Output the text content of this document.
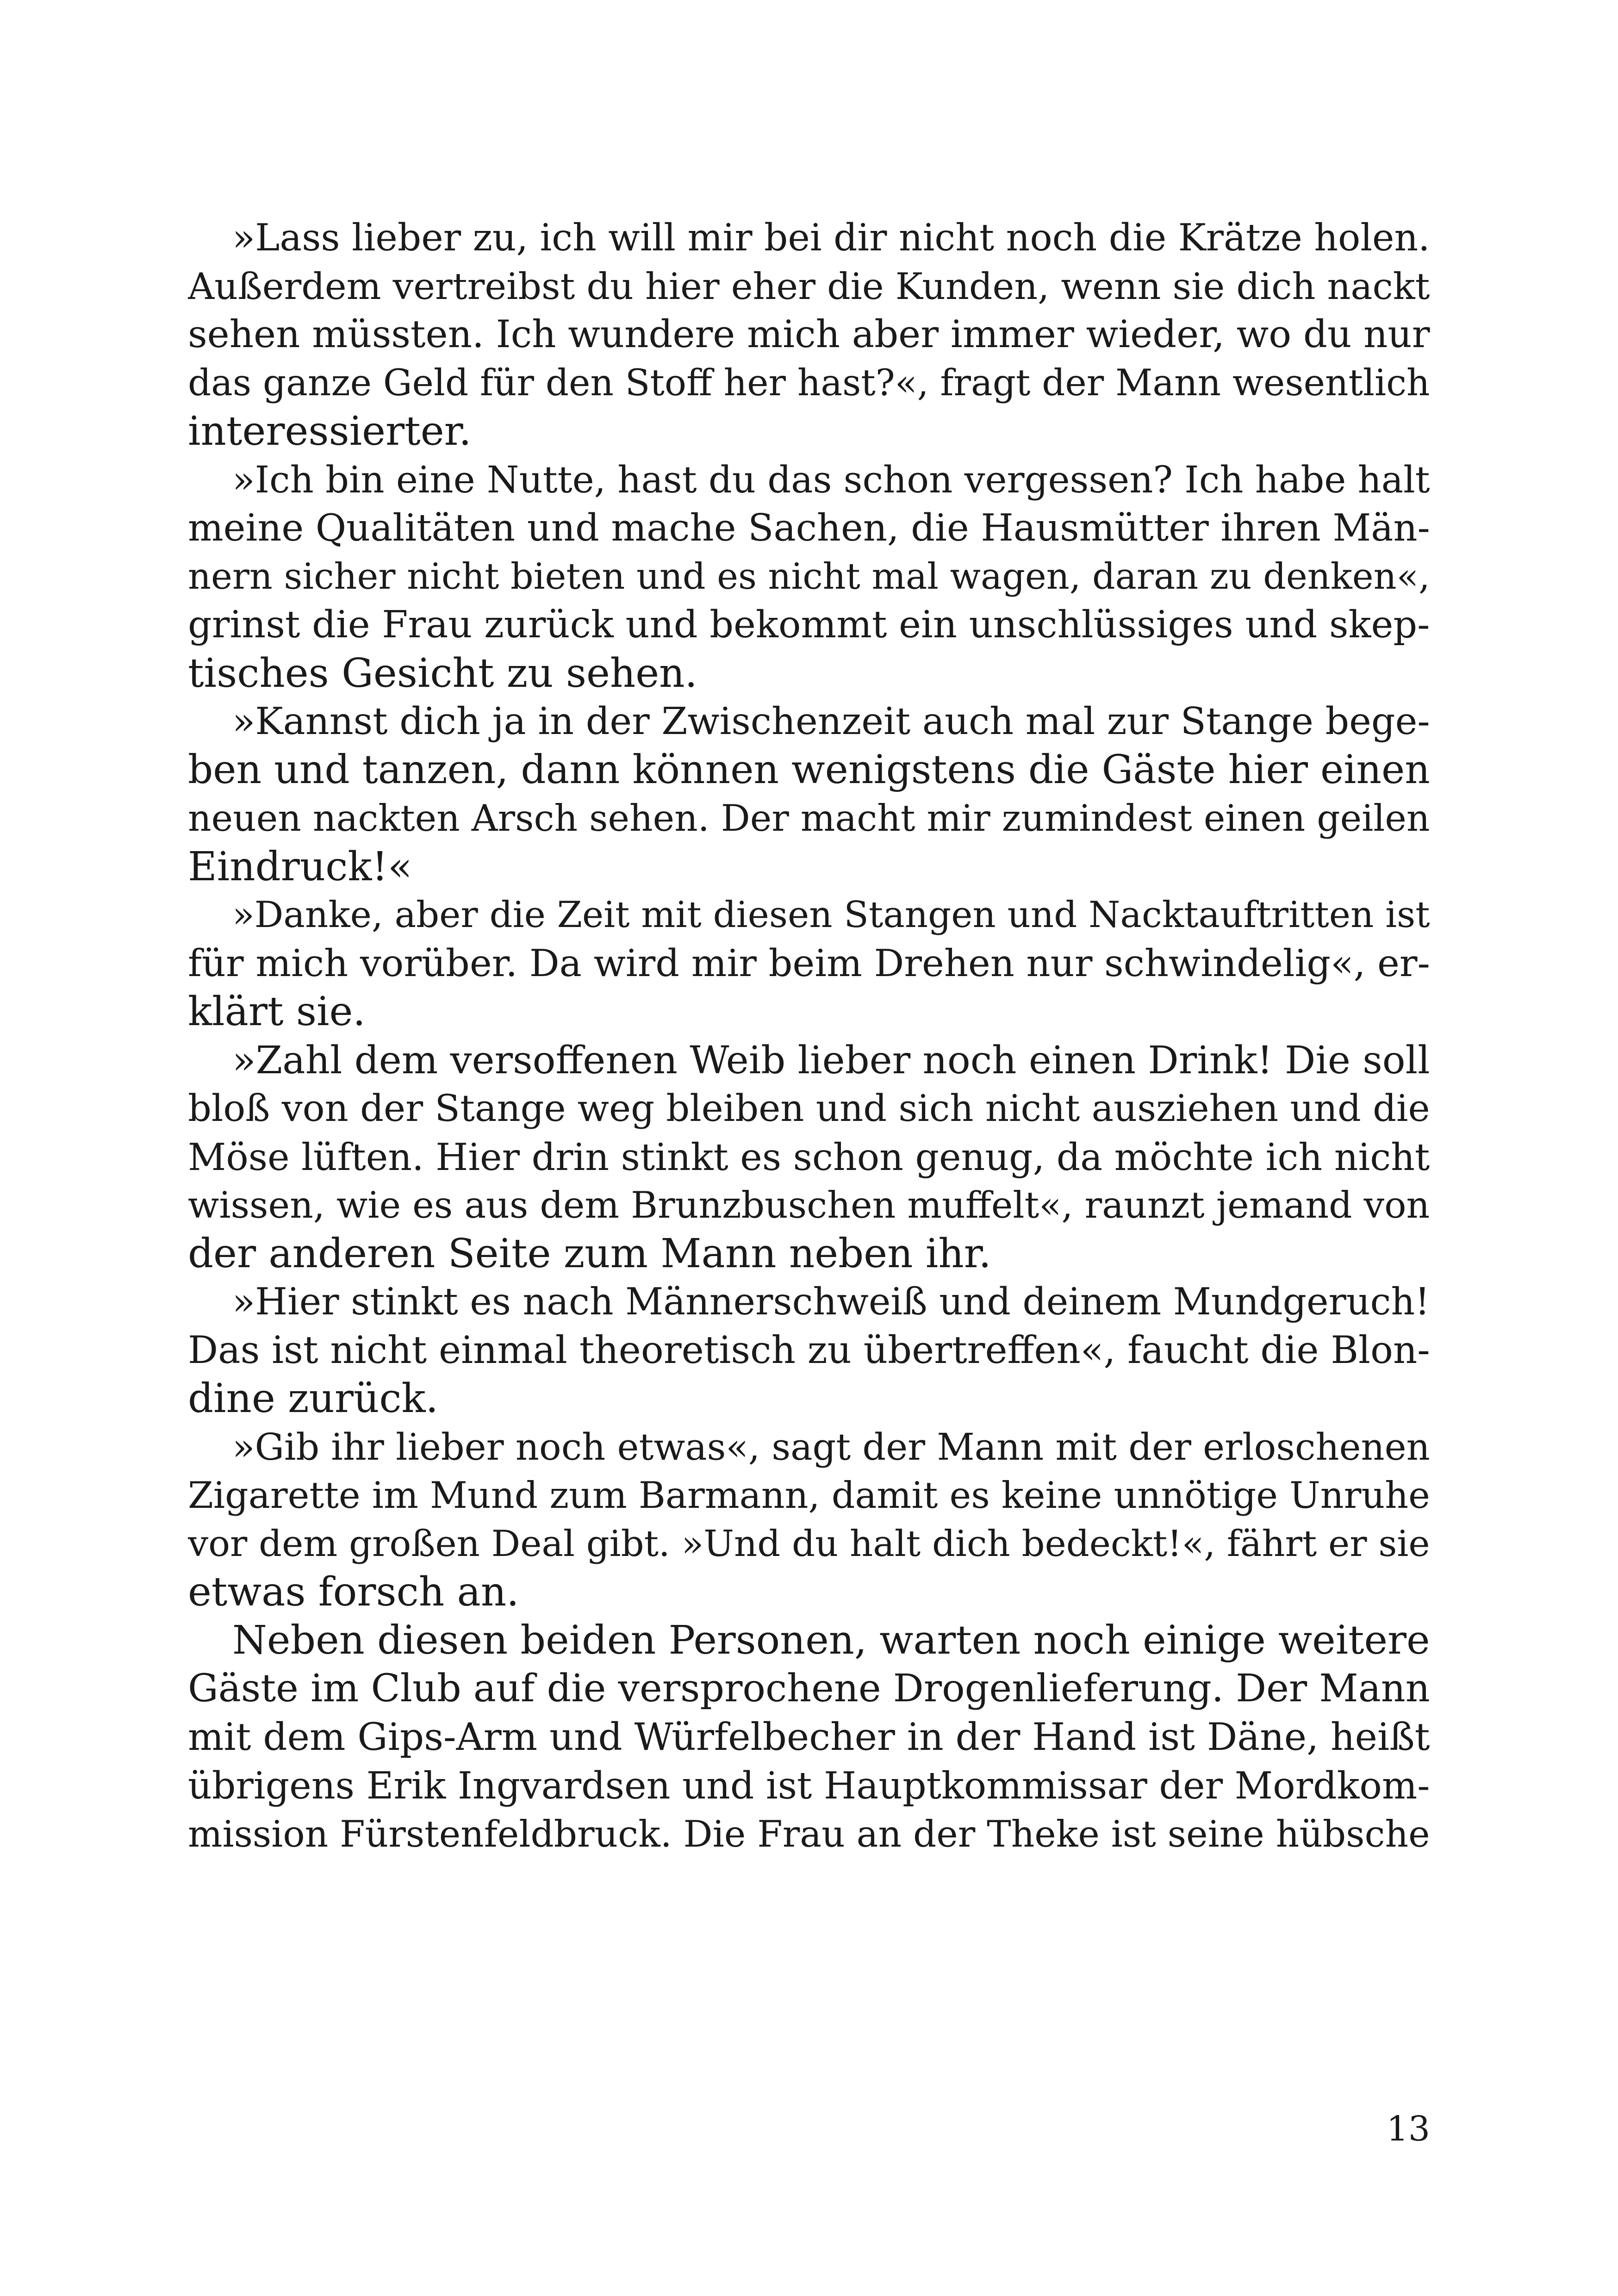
»Lass lieber zu, ich will mir bei dir nicht noch die Krätze holen.
Außerdem vertreibst du hier eher die Kunden, wenn sie dich nackt
sehen müssten. Ich wundere mich aber immer wieder, wo du nur
das ganze Geld für den Stoff her hast?«, fragt der Mann wesentlich
interessierter.

»Ich bin eine Nutte, hast du das schon vergessen? Ich habe halt
meine Qualitäten und mache Sachen, die Hausmütter ihren Män-
nern sicher nicht bieten und es nicht mal wagen, daran zu denken«,
grinst die Frau zurück und bekommt ein unschlüssiges und skep-
tisches Gesicht zu sehen.

»Kannst dich ja in der Zwischenzeit auch mal zur Stange bege-
ben und tanzen, dann können wenigstens die Gäste hier einen
neuen nackten Arsch sehen. Der macht mir zumindest einen geilen
Eindruck!«

»Danke, aber die Zeit mit diesen Stangen und Nacktauftritten ist
für mich vorüber. Da wird mir beim Drehen nur schwindelig«, er-
klärt sie.

»Zahl dem versoffenen Weib lieber noch einen Drink! Die soll
bloß von der Stange weg bleiben und sich nicht ausziehen und die
Möse lüften. Hier drin stinkt es schon genug, da möchte ich nicht
wissen, wie es aus dem Brunzbuschen muffelt«, raunzt jemand von
der anderen Seite zum Mann neben ihr.

»Hier stinkt es nach Männerschweiß und deinem Mundgeruch!
Das ist nicht einmal theoretisch zu übertreffen«, faucht die Blon-
dine zurück.

»Gib ihr lieber noch etwas«, sagt der Mann mit der erloschenen
Zigarette im Mund zum Barmann, damit es keine unnötige Unruhe
vor dem großen Deal gibt. »Und du halt dich bedeckt!«, fährt er sie
etwas forsch an.

Neben diesen beiden Personen, warten noch einige weitere
Gäste im Club auf die versprochene Drogenlieferung. Der Mann
mit dem Gips-Arm und Würfelbecher in der Hand ist Däne, heißt
übrigens Erik Ingvardsen und ist Hauptkommissar der Mordkom-
mission Fürstenfeldbruck. Die Frau an der Theke ist seine hübsche

13
